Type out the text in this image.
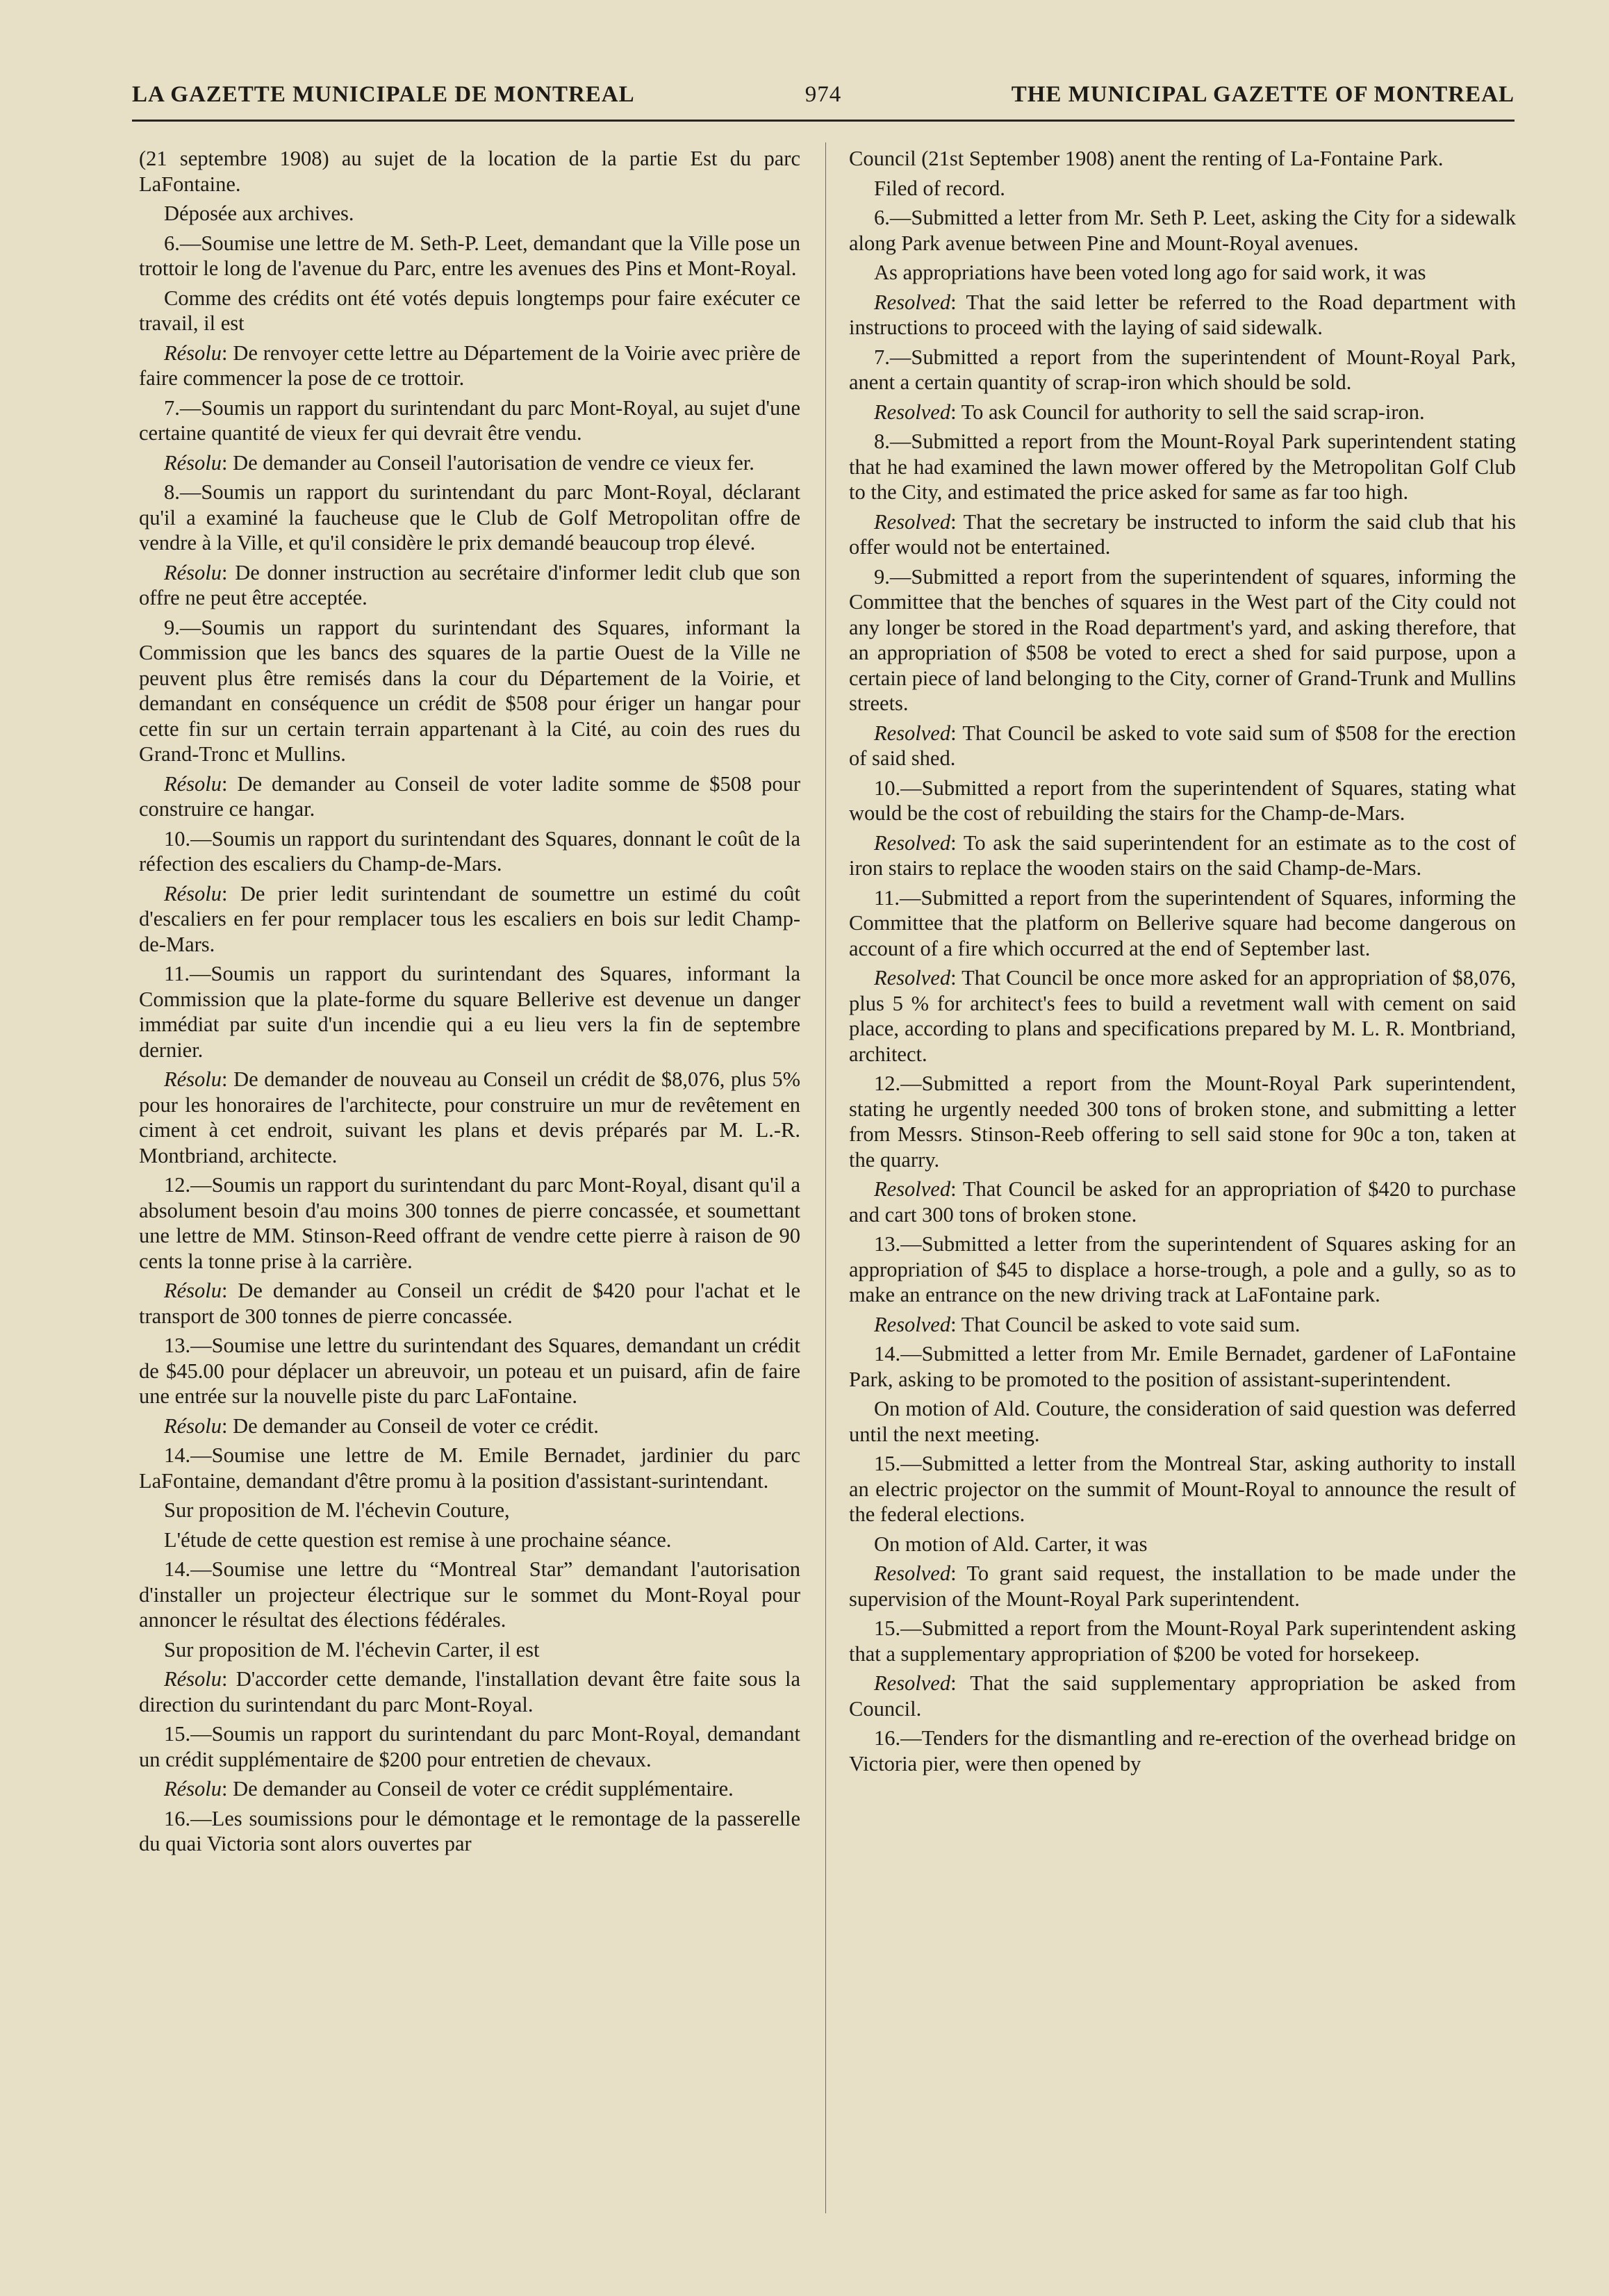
LA GAZETTE MUNICIPALE DE MONTREAL	974	THE MUNICIPAL GAZETTE OF MONTREAL

(21 septembre 1908) au sujet de la location de la partie Est du parc LaFontaine.

Déposée aux archives.

6.—Soumise une lettre de M. Seth-P. Leet, demandant que la Ville pose un trottoir le long de l'avenue du Parc, entre les avenues des Pins et Mont-Royal.

Comme des crédits ont été votés depuis longtemps pour faire exécuter ce travail, il est

Résolu: De renvoyer cette lettre au Département de la Voirie avec prière de faire commencer la pose de ce trottoir.

7.—Soumis un rapport du surintendant du parc Mont-Royal, au sujet d'une certaine quantité de vieux fer qui devrait être vendu.

Résolu: De demander au Conseil l'autorisation de vendre ce vieux fer.

8.—Soumis un rapport du surintendant du parc Mont-Royal, déclarant qu'il a examiné la faucheuse que le Club de Golf Metropolitan offre de vendre à la Ville, et qu'il considère le prix demandé beaucoup trop élevé.

Résolu: De donner instruction au secrétaire d'informer ledit club que son offre ne peut être acceptée.

9.—Soumis un rapport du surintendant des Squares, informant la Commission que les bancs des squares de la partie Ouest de la Ville ne peuvent plus être remisés dans la cour du Département de la Voirie, et demandant en conséquence un crédit de $508 pour ériger un hangar pour cette fin sur un certain terrain appartenant à la Cité, au coin des rues du Grand-Tronc et Mullins.

Résolu: De demander au Conseil de voter ladite somme de $508 pour construire ce hangar.

10.—Soumis un rapport du surintendant des Squares, donnant le coût de la réfection des escaliers du Champ-de-Mars.

Résolu: De prier ledit surintendant de soumettre un estimé du coût d'escaliers en fer pour remplacer tous les escaliers en bois sur ledit Champ-de-Mars.

11.—Soumis un rapport du surintendant des Squares, informant la Commission que la plate-forme du square Bellerive est devenue un danger immédiat par suite d'un incendie qui a eu lieu vers la fin de septembre dernier.

Résolu: De demander de nouveau au Conseil un crédit de $8,076, plus 5% pour les honoraires de l'architecte, pour construire un mur de revêtement en ciment à cet endroit, suivant les plans et devis préparés par M. L.-R. Montbriand, architecte.

12.—Soumis un rapport du surintendant du parc Mont-Royal, disant qu'il a absolument besoin d'au moins 300 tonnes de pierre concassée, et soumettant une lettre de MM. Stinson-Reed offrant de vendre cette pierre à raison de 90 cents la tonne prise à la carrière.

Résolu: De demander au Conseil un crédit de $420 pour l'achat et le transport de 300 tonnes de pierre concassée.

13.—Soumise une lettre du surintendant des Squares, demandant un crédit de $45.00 pour déplacer un abreuvoir, un poteau et un puisard, afin de faire une entrée sur la nouvelle piste du parc LaFontaine.

Résolu: De demander au Conseil de voter ce crédit.

14.—Soumise une lettre de M. Emile Bernadet, jardinier du parc LaFontaine, demandant d'être promu à la position d'assistant-surintendant.

Sur proposition de M. l'échevin Couture,

L'étude de cette question est remise à une prochaine séance.

14.—Soumise une lettre du “Montreal Star” demandant l'autorisation d'installer un projecteur électrique sur le sommet du Mont-Royal pour annoncer le résultat des élections fédérales.

Sur proposition de M. l'échevin Carter, il est

Résolu: D'accorder cette demande, l'installation devant être faite sous la direction du surintendant du parc Mont-Royal.

15.—Soumis un rapport du surintendant du parc Mont-Royal, demandant un crédit supplémentaire de $200 pour entretien de chevaux.

Résolu: De demander au Conseil de voter ce crédit supplémentaire.

16.—Les soumissions pour le démontage et le remontage de la passerelle du quai Victoria sont alors ouvertes par

Council (21st September 1908) anent the renting of La-Fontaine Park.

Filed of record.

6.—Submitted a letter from Mr. Seth P. Leet, asking the City for a sidewalk along Park avenue between Pine and Mount-Royal avenues.

As appropriations have been voted long ago for said work, it was

Resolved: That the said letter be referred to the Road department with instructions to proceed with the laying of said sidewalk.

7.—Submitted a report from the superintendent of Mount-Royal Park, anent a certain quantity of scrap-iron which should be sold.

Resolved: To ask Council for authority to sell the said scrap-iron.

8.—Submitted a report from the Mount-Royal Park superintendent stating that he had examined the lawn mower offered by the Metropolitan Golf Club to the City, and estimated the price asked for same as far too high.

Resolved: That the secretary be instructed to inform the said club that his offer would not be entertained.

9.—Submitted a report from the superintendent of squares, informing the Committee that the benches of squares in the West part of the City could not any longer be stored in the Road department's yard, and asking therefore, that an appropriation of $508 be voted to erect a shed for said purpose, upon a certain piece of land belonging to the City, corner of Grand-Trunk and Mullins streets.

Resolved: That Council be asked to vote said sum of $508 for the erection of said shed.

10.—Submitted a report from the superintendent of Squares, stating what would be the cost of rebuilding the stairs for the Champ-de-Mars.

Resolved: To ask the said superintendent for an estimate as to the cost of iron stairs to replace the wooden stairs on the said Champ-de-Mars.

11.—Submitted a report from the superintendent of Squares, informing the Committee that the platform on Bellerive square had become dangerous on account of a fire which occurred at the end of September last.

Resolved: That Council be once more asked for an appropriation of $8,076, plus 5 % for architect's fees to build a revetment wall with cement on said place, according to plans and specifications prepared by M. L. R. Montbriand, architect.

12.—Submitted a report from the Mount-Royal Park superintendent, stating he urgently needed 300 tons of broken stone, and submitting a letter from Messrs. Stinson-Reeb offering to sell said stone for 90c a ton, taken at the quarry.

Resolved: That Council be asked for an appropriation of $420 to purchase and cart 300 tons of broken stone.

13.—Submitted a letter from the superintendent of Squares asking for an appropriation of $45 to displace a horse-trough, a pole and a gully, so as to make an entrance on the new driving track at LaFontaine park.

Resolved: That Council be asked to vote said sum.

14.—Submitted a letter from Mr. Emile Bernadet, gardener of LaFontaine Park, asking to be promoted to the position of assistant-superintendent.

On motion of Ald. Couture, the consideration of said question was deferred until the next meeting.

15.—Submitted a letter from the Montreal Star, asking authority to install an electric projector on the summit of Mount-Royal to announce the result of the federal elections.

On motion of Ald. Carter, it was

Resolved: To grant said request, the installation to be made under the supervision of the Mount-Royal Park superintendent.

15.—Submitted a report from the Mount-Royal Park superintendent asking that a supplementary appropriation of $200 be voted for horsekeep.

Resolved: That the said supplementary appropriation be asked from Council.

16.—Tenders for the dismantling and re-erection of the overhead bridge on Victoria pier, were then opened by
